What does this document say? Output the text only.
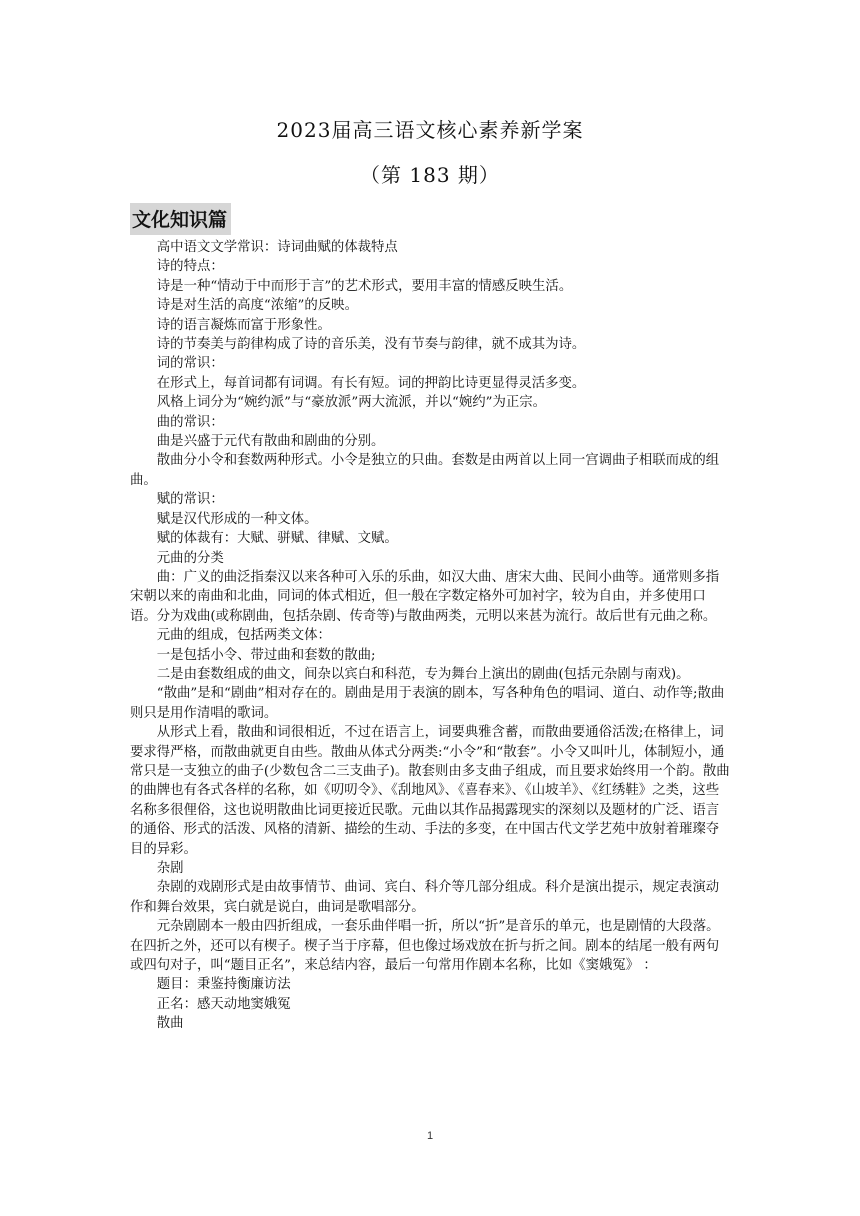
2023届高三语文核心素养新学案
（第 183 期）
文化知识篇

高中语文文学常识：诗词曲赋的体裁特点

诗的特点：

诗是一种“情动于中而形于言”的艺术形式，要用丰富的情感反映生活。

诗是对生活的高度“浓缩”的反映。

诗的语言凝炼而富于形象性。

诗的节奏美与韵律构成了诗的音乐美，没有节奏与韵律，就不成其为诗。

词的常识：

在形式上，每首词都有词调。有长有短。词的押韵比诗更显得灵活多变。

风格上词分为“婉约派”与“豪放派”两大流派，并以“婉约”为正宗。

曲的常识：

曲是兴盛于元代有散曲和剧曲的分别。

散曲分小令和套数两种形式。小令是独立的只曲。套数是由两首以上同一宫调曲子相联而成的组曲。

赋的常识：

赋是汉代形成的一种文体。

赋的体裁有：大赋、骈赋、律赋、文赋。

元曲的分类

曲：广义的曲泛指秦汉以来各种可入乐的乐曲，如汉大曲、唐宋大曲、民间小曲等。通常则多指宋朝以来的南曲和北曲，同词的体式相近，但一般在字数定格外可加衬字，较为自由，并多使用口语。分为戏曲(或称剧曲，包括杂剧、传奇等)与散曲两类，元明以来甚为流行。故后世有元曲之称。

元曲的组成，包括两类文体：

一是包括小令、带过曲和套数的散曲;

二是由套数组成的曲文，间杂以宾白和科范，专为舞台上演出的剧曲(包括元杂剧与南戏)。

“散曲”是和“剧曲”相对存在的。剧曲是用于表演的剧本，写各种角色的唱词、道白、动作等;散曲则只是用作清唱的歌词。

从形式上看，散曲和词很相近，不过在语言上，词要典雅含蓄，而散曲要通俗活泼;在格律上，词要求得严格，而散曲就更自由些。散曲从体式分两类:“小令”和“散套”。小令又叫叶儿，体制短小，通常只是一支独立的曲子(少数包含二三支曲子)。散套则由多支曲子组成，而且要求始终用一个韵。散曲的曲牌也有各式各样的名称，如《叨叨令》、《刮地风》、《喜春来》、《山坡羊》、《红绣鞋》之类，这些名称多很俚俗，这也说明散曲比词更接近民歌。元曲以其作品揭露现实的深刻以及题材的广泛、语言的通俗、形式的活泼、风格的清新、描绘的生动、手法的多变，在中国古代文学艺苑中放射着璀璨夺目的异彩。

杂剧

杂剧的戏剧形式是由故事情节、曲词、宾白、科介等几部分组成。科介是演出提示，规定表演动作和舞台效果，宾白就是说白，曲词是歌唱部分。

元杂剧剧本一般由四折组成，一套乐曲伴唱一折，所以“折”是音乐的单元，也是剧情的大段落。在四折之外，还可以有楔子。楔子当于序幕，但也像过场戏放在折与折之间。剧本的结尾一般有两句或四句对子，叫“题目正名”，来总结内容，最后一句常用作剧本名称，比如《窦娥冤》 ：

题目：秉鉴持衡廉访法

正名：感天动地窦娥冤

散曲

1
